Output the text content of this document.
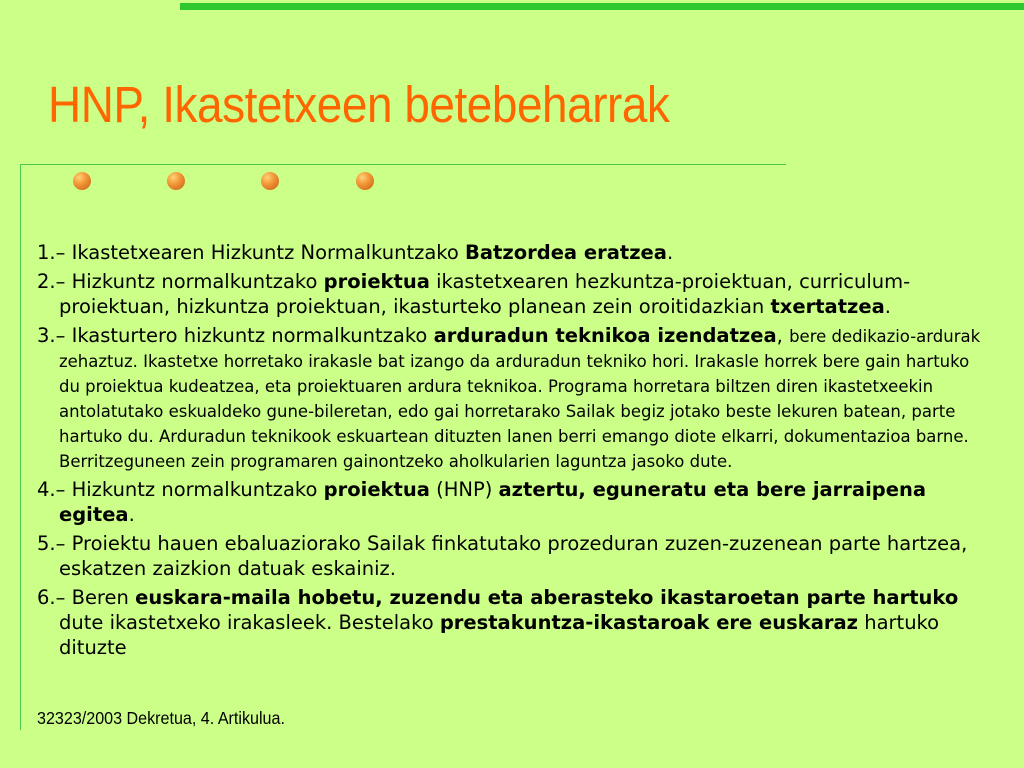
HNP, Ikastetxeen betebeharrak
1.– Ikastetxearen Hizkuntz Normalkuntzako Batzordea eratzea.
2.– Hizkuntz normalkuntzako proiektua ikastetxearen hezkuntza-proiektuan, curriculum-proiektuan, hizkuntza proiektuan, ikasturteko planean zein oroitidazkian txertatzea.
3.– Ikasturtero hizkuntz normalkuntzako arduradun teknikoa izendatzea, bere dedikazio-ardurak zehaztuz. Ikastetxe horretako irakasle bat izango da arduradun tekniko hori. Irakasle horrek bere gain hartuko du proiektua kudeatzea, eta proiektuaren ardura teknikoa. Programa horretara biltzen diren ikastetxeekin antolatutako eskualdeko gune-bileretan, edo gai horretarako Sailak begiz jotako beste lekuren batean, parte hartuko du. Arduradun teknikook eskuartean dituzten lanen berri emango diote elkarri, dokumentazioa barne. Berritzeguneen zein programaren gainontzeko aholkularien laguntza jasoko dute.
4.– Hizkuntz normalkuntzako proiektua (HNP) aztertu, eguneratu eta bere jarraipena egitea.
5.– Proiektu hauen ebaluaziorako Sailak finkatutako prozeduran zuzen-zuzenean parte hartzea, eskatzen zaizkion datuak eskainiz.
6.– Beren euskara-maila hobetu, zuzendu eta aberasteko ikastaroetan parte hartuko dute ikastetxeko irakasleek. Bestelako prestakuntza-ikastaroak ere euskaraz hartuko dituzte
32323/2003 Dekretua, 4. Artikulua.
